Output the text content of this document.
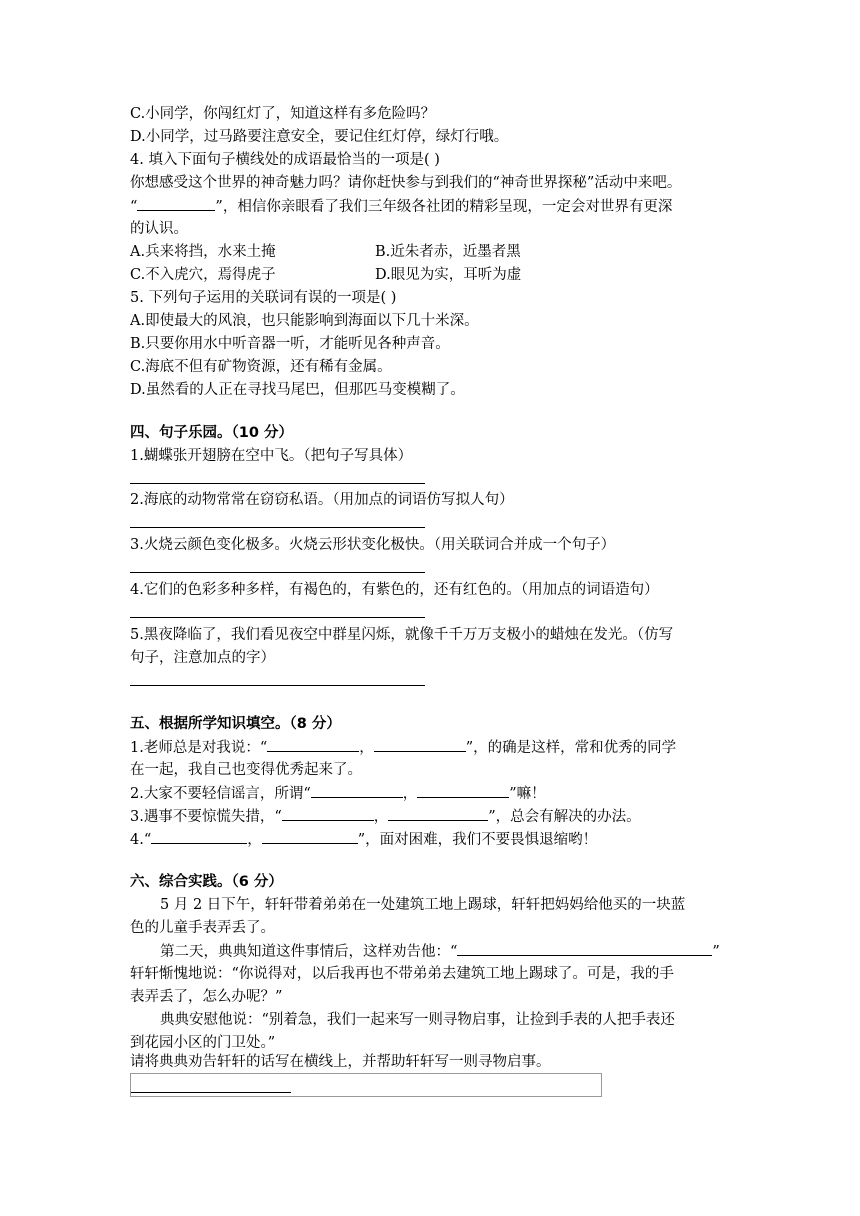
C.小同学，你闯红灯了，知道这样有多危险吗？
D.小同学，过马路要注意安全，要记住红灯停，绿灯行哦。
4. 填入下面句子横线处的成语最恰当的一项是( )
你想感受这个世界的神奇魅力吗？请你赶快参与到我们的“神奇世界探秘”活动中来吧。
“	”，相信你亲眼看了我们三年级各社团的精彩呈现，一定会对世界有更深
的认识。
A.兵来将挡，水来土掩	B.近朱者赤，近墨者黑
C.不入虎穴，焉得虎子	D.眼见为实，耳听为虚
5. 下列句子运用的关联词有误的一项是( )
A.即使最大的风浪，也只能影响到海面以下几十米深。
B.只要你用水中听音器一听，才能听见各种声音。
C.海底不但有矿物资源，还有稀有金属。
D.虽然看的人正在寻找马尾巴，但那匹马变模糊了。
四、句子乐园。（10 分）
1.蝴蝶张开翅膀在空中飞。（把句子写具体）
2.海底的动物常常在窃窃私语。（用加点的词语仿写拟人句）
3.火烧云颜色变化极多。火烧云形状变化极快。（用关联词合并成一个句子）
4.它们的色彩多种多样，有褐色的，有紫色的，还有红色的。（用加点的词语造句）
5.黑夜降临了，我们看见夜空中群星闪烁，就像千千万万支极小的蜡烛在发光。（仿写
句子，注意加点的字）
五、根据所学知识填空。（8 分）
1.老师总是对我说：“	，	”，的确是这样，常和优秀的同学
在一起，我自己也变得优秀起来了。
2.大家不要轻信谣言，所谓“	，	”嘛！
3.遇事不要惊慌失措，“	，	”，总会有解决的办法。
4.“	，	”，面对困难，我们不要畏惧退缩哟！
六、综合实践。（6 分）
5 月 2 日下午，轩轩带着弟弟在一处建筑工地上踢球，轩轩把妈妈给他买的一块蓝
色的儿童手表弄丢了。
第二天，典典知道这件事情后，这样劝告他：“	”
轩轩惭愧地说：“你说得对，以后我再也不带弟弟去建筑工地上踢球了。可是，我的手
表弄丢了，怎么办呢？”
典典安慰他说：“别着急，我们一起来写一则寻物启事，让捡到手表的人把手表还
到花园小区的门卫处。”
请将典典劝告轩轩的话写在横线上，并帮助轩轩写一则寻物启事。
